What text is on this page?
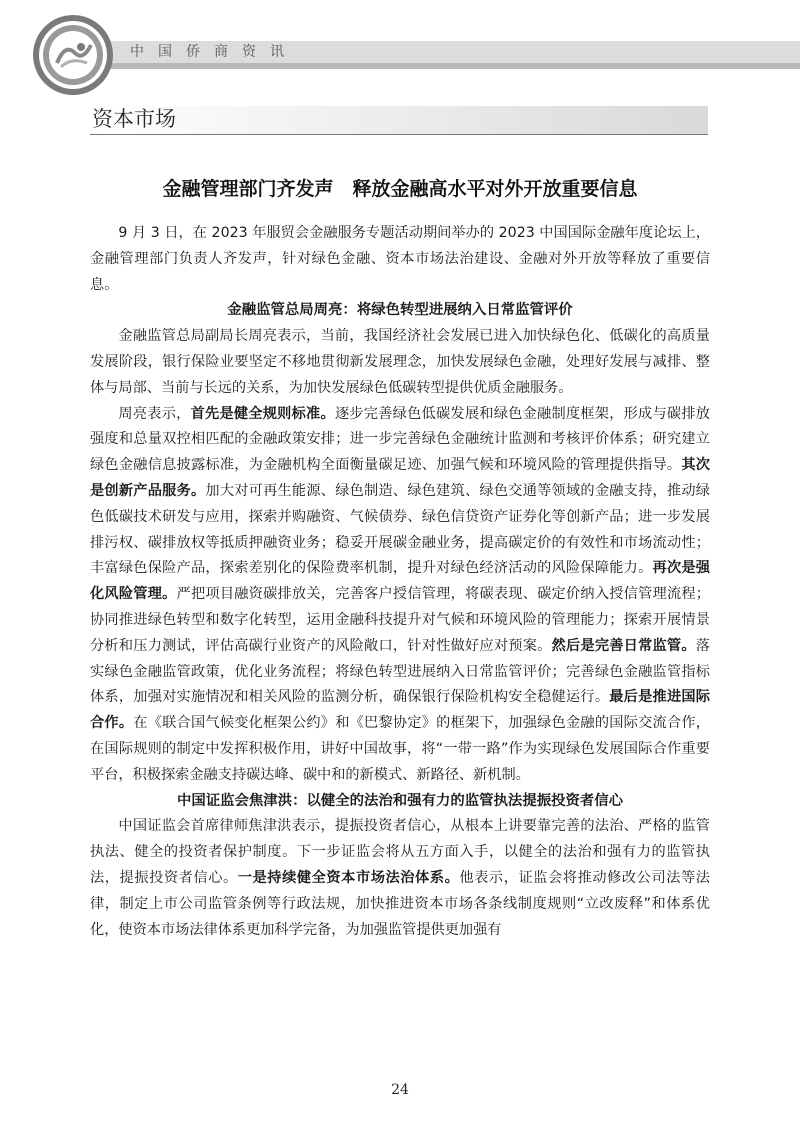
中国侨商资讯
资本市场
金融管理部门齐发声　释放金融高水平对外开放重要信息

9 月 3 日，在 2023 年服贸会金融服务专题活动期间举办的 2023 中国国际金融年度论坛上，金融管理部门负责人齐发声，针对绿色金融、资本市场法治建设、金融对外开放等释放了重要信息。

金融监管总局周亮：将绿色转型进展纳入日常监管评价

金融监管总局副局长周亮表示，当前，我国经济社会发展已进入加快绿色化、低碳化的高质量发展阶段，银行保险业要坚定不移地贯彻新发展理念，加快发展绿色金融，处理好发展与减排、整体与局部、当前与长远的关系，为加快发展绿色低碳转型提供优质金融服务。

周亮表示，首先是健全规则标准。逐步完善绿色低碳发展和绿色金融制度框架，形成与碳排放强度和总量双控相匹配的金融政策安排；进一步完善绿色金融统计监测和考核评价体系；研究建立绿色金融信息披露标准，为金融机构全面衡量碳足迹、加强气候和环境风险的管理提供指导。其次是创新产品服务。加大对可再生能源、绿色制造、绿色建筑、绿色交通等领域的金融支持，推动绿色低碳技术研发与应用，探索并购融资、气候债券、绿色信贷资产证券化等创新产品；进一步发展排污权、碳排放权等抵质押融资业务；稳妥开展碳金融业务，提高碳定价的有效性和市场流动性；丰富绿色保险产品，探索差别化的保险费率机制，提升对绿色经济活动的风险保障能力。再次是强化风险管理。严把项目融资碳排放关，完善客户授信管理，将碳表现、碳定价纳入授信管理流程；协同推进绿色转型和数字化转型，运用金融科技提升对气候和环境风险的管理能力；探索开展情景分析和压力测试，评估高碳行业资产的风险敞口，针对性做好应对预案。然后是完善日常监管。落实绿色金融监管政策，优化业务流程；将绿色转型进展纳入日常监管评价；完善绿色金融监管指标体系，加强对实施情况和相关风险的监测分析，确保银行保险机构安全稳健运行。最后是推进国际合作。在《联合国气候变化框架公约》和《巴黎协定》的框架下，加强绿色金融的国际交流合作，在国际规则的制定中发挥积极作用，讲好中国故事，将“一带一路”作为实现绿色发展国际合作重要平台，积极探索金融支持碳达峰、碳中和的新模式、新路径、新机制。

中国证监会焦津洪：以健全的法治和强有力的监管执法提振投资者信心

中国证监会首席律师焦津洪表示，提振投资者信心，从根本上讲要靠完善的法治、严格的监管执法、健全的投资者保护制度。下一步证监会将从五方面入手，以健全的法治和强有力的监管执法，提振投资者信心。一是持续健全资本市场法治体系。他表示，证监会将推动修改公司法等法律，制定上市公司监管条例等行政法规，加快推进资本市场各条线制度规则“立改废释”和体系优化，使资本市场法律体系更加科学完备，为加强监管提供更加强有

24
